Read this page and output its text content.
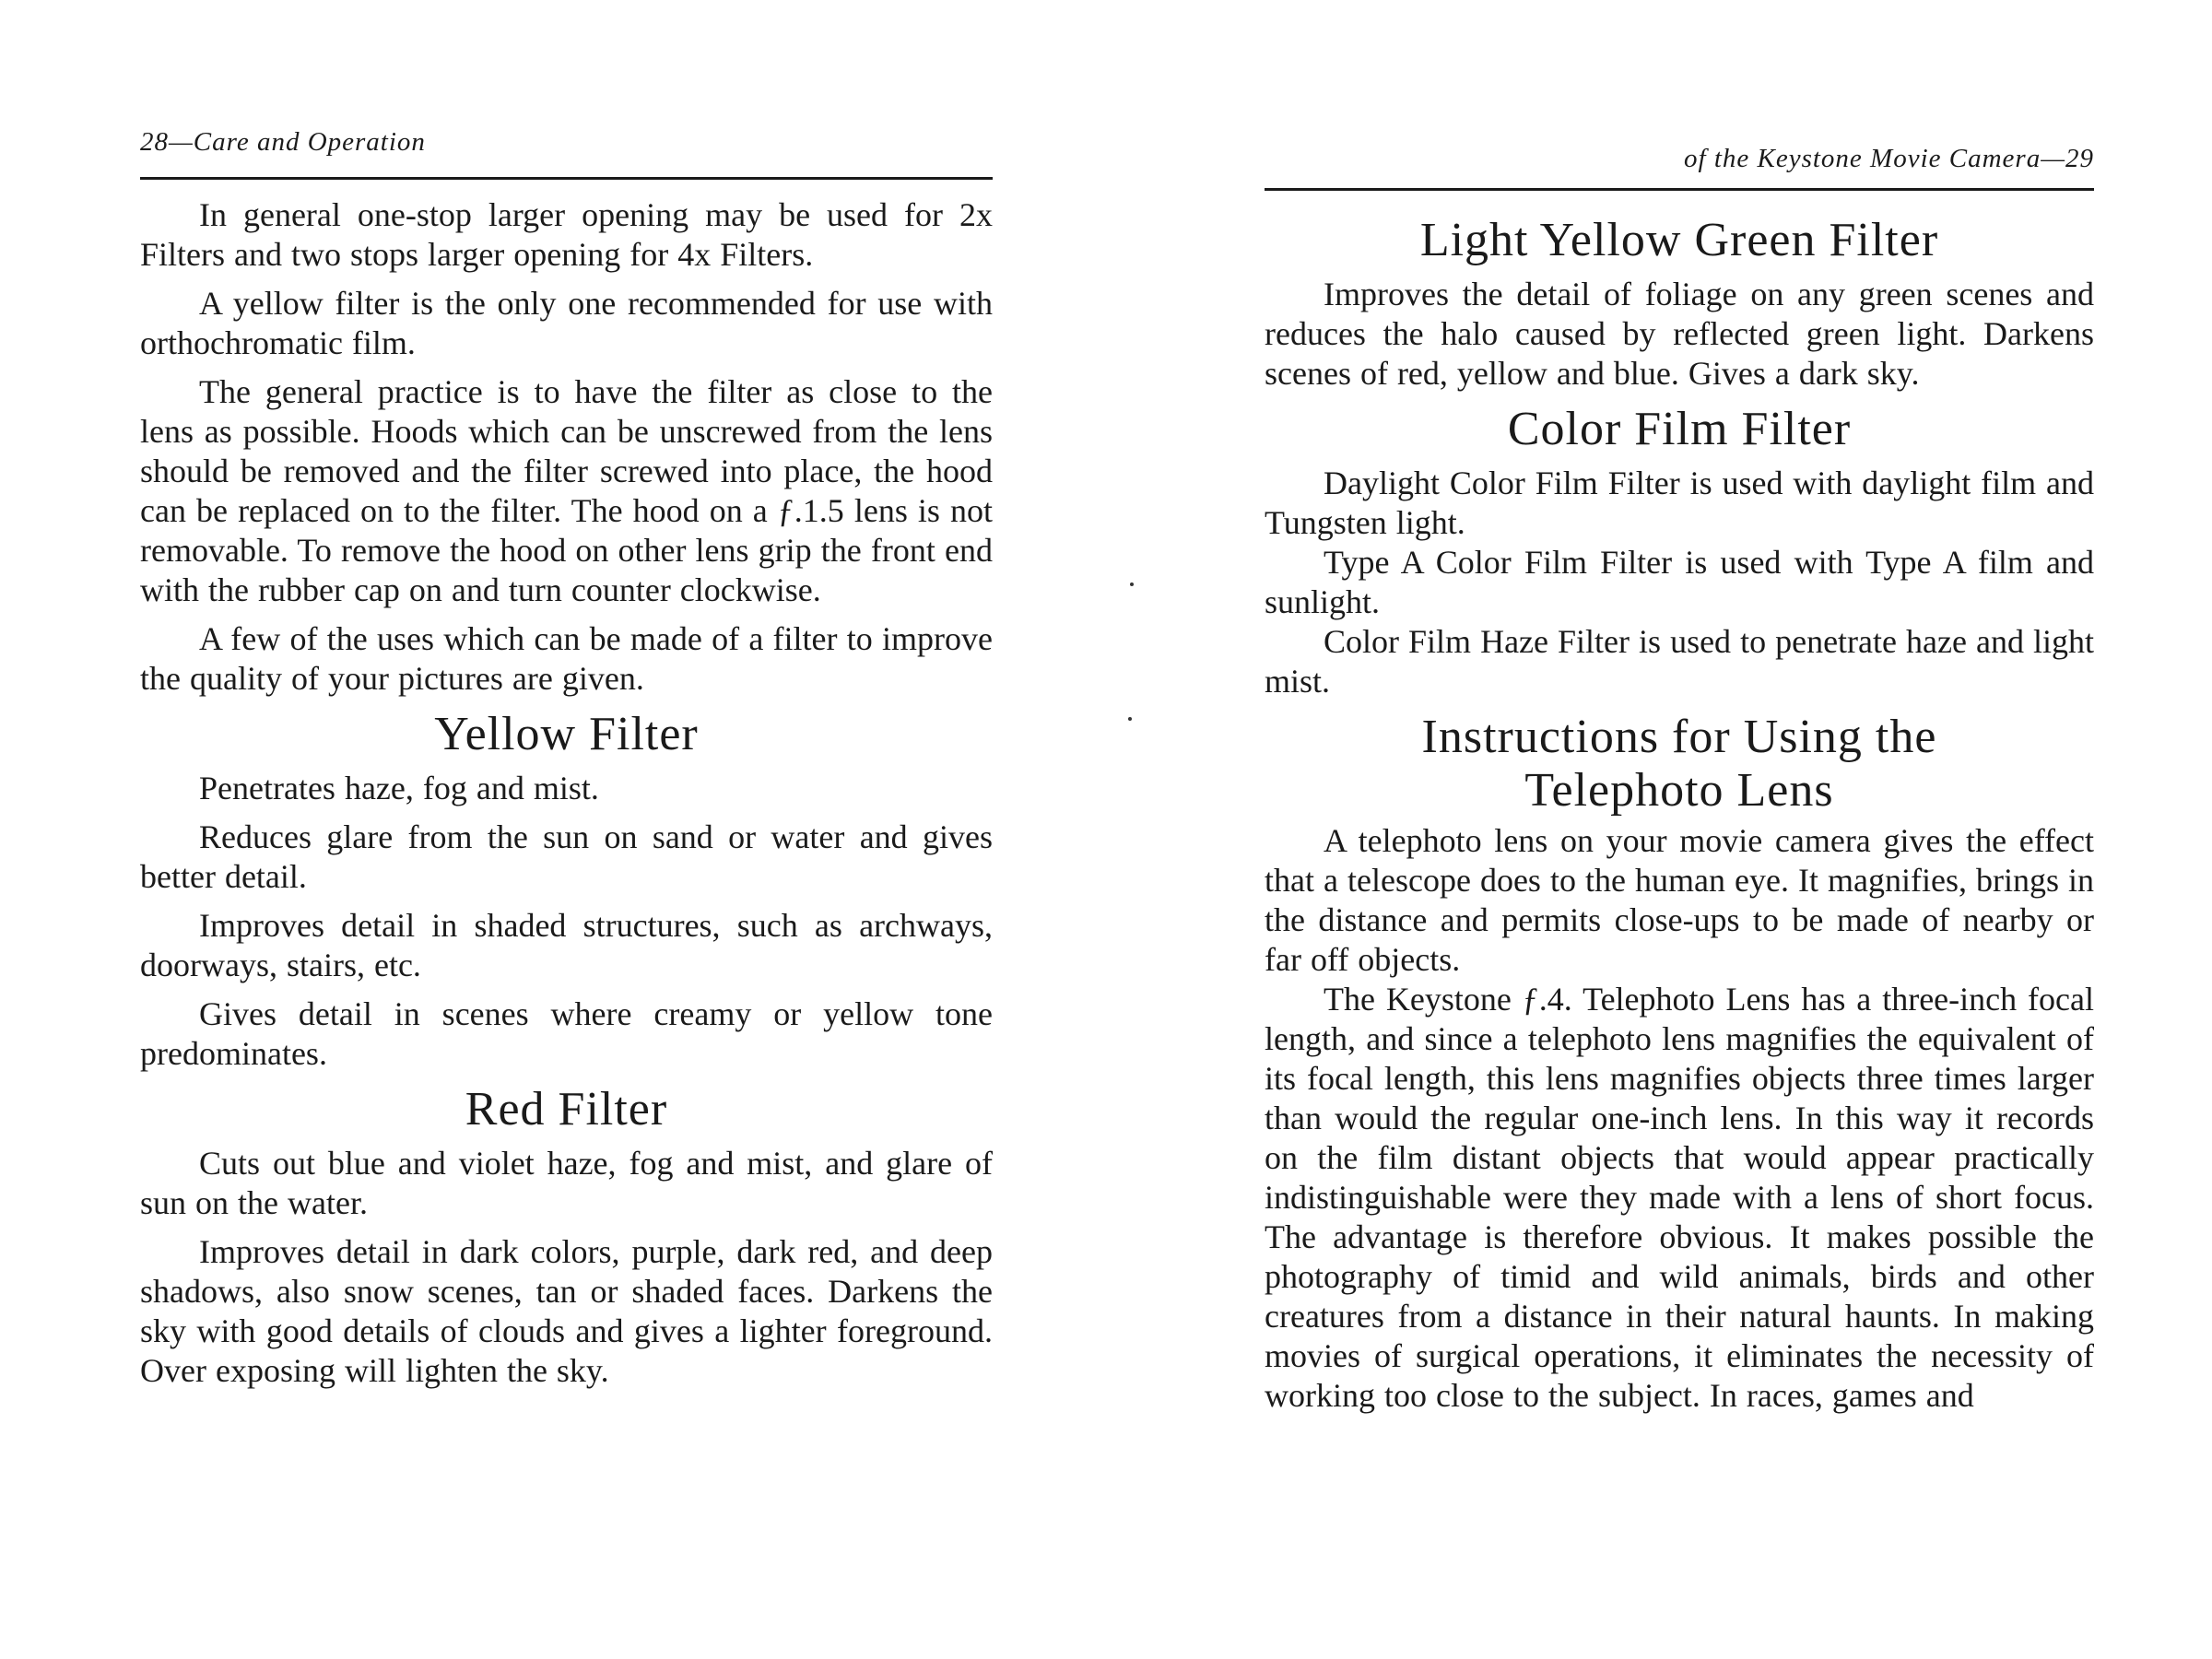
28—Care and Operation

In general one-stop larger opening may be used for 2x Filters and two stops larger opening for 4x Filters.

A yellow filter is the only one recommended for use with orthochromatic film.

The general practice is to have the filter as close to the lens as possible. Hoods which can be unscrewed from the lens should be removed and the filter screwed into place, the hood can be replaced on to the filter. The hood on a ƒ.1.5 lens is not removable. To remove the hood on other lens grip the front end with the rubber cap on and turn counter clockwise.

A few of the uses which can be made of a filter to improve the quality of your pictures are given.

Yellow Filter

Penetrates haze, fog and mist.

Reduces glare from the sun on sand or water and gives better detail.

Improves detail in shaded structures, such as archways, doorways, stairs, etc.

Gives detail in scenes where creamy or yellow tone predominates.

Red Filter

Cuts out blue and violet haze, fog and mist, and glare of sun on the water.

Improves detail in dark colors, purple, dark red, and deep shadows, also snow scenes, tan or shaded faces. Darkens the sky with good details of clouds and gives a lighter foreground. Over exposing will lighten the sky.

of the Keystone Movie Camera—29
Light Yellow Green Filter

Improves the detail of foliage on any green scenes and reduces the halo caused by reflected green light. Darkens scenes of red, yellow and blue. Gives a dark sky.

Color Film Filter

Daylight Color Film Filter is used with daylight film and Tungsten light.

Type A Color Film Filter is used with Type A film and sunlight.

Color Film Haze Filter is used to penetrate haze and light mist.

Instructions for Using the
Telephoto Lens

A telephoto lens on your movie camera gives the effect that a telescope does to the human eye. It magnifies, brings in the distance and permits close-ups to be made of nearby or far off objects.

The Keystone ƒ.4. Telephoto Lens has a three-inch focal length, and since a telephoto lens magnifies the equivalent of its focal length, this lens magnifies objects three times larger than would the regular one-inch lens. In this way it records on the film distant objects that would appear practically indistinguishable were they made with a lens of short focus. The advantage is therefore obvious. It makes possible the photography of timid and wild animals, birds and other creatures from a distance in their natural haunts. In making movies of surgical operations, it eliminates the necessity of working too close to the subject. In races, games and
